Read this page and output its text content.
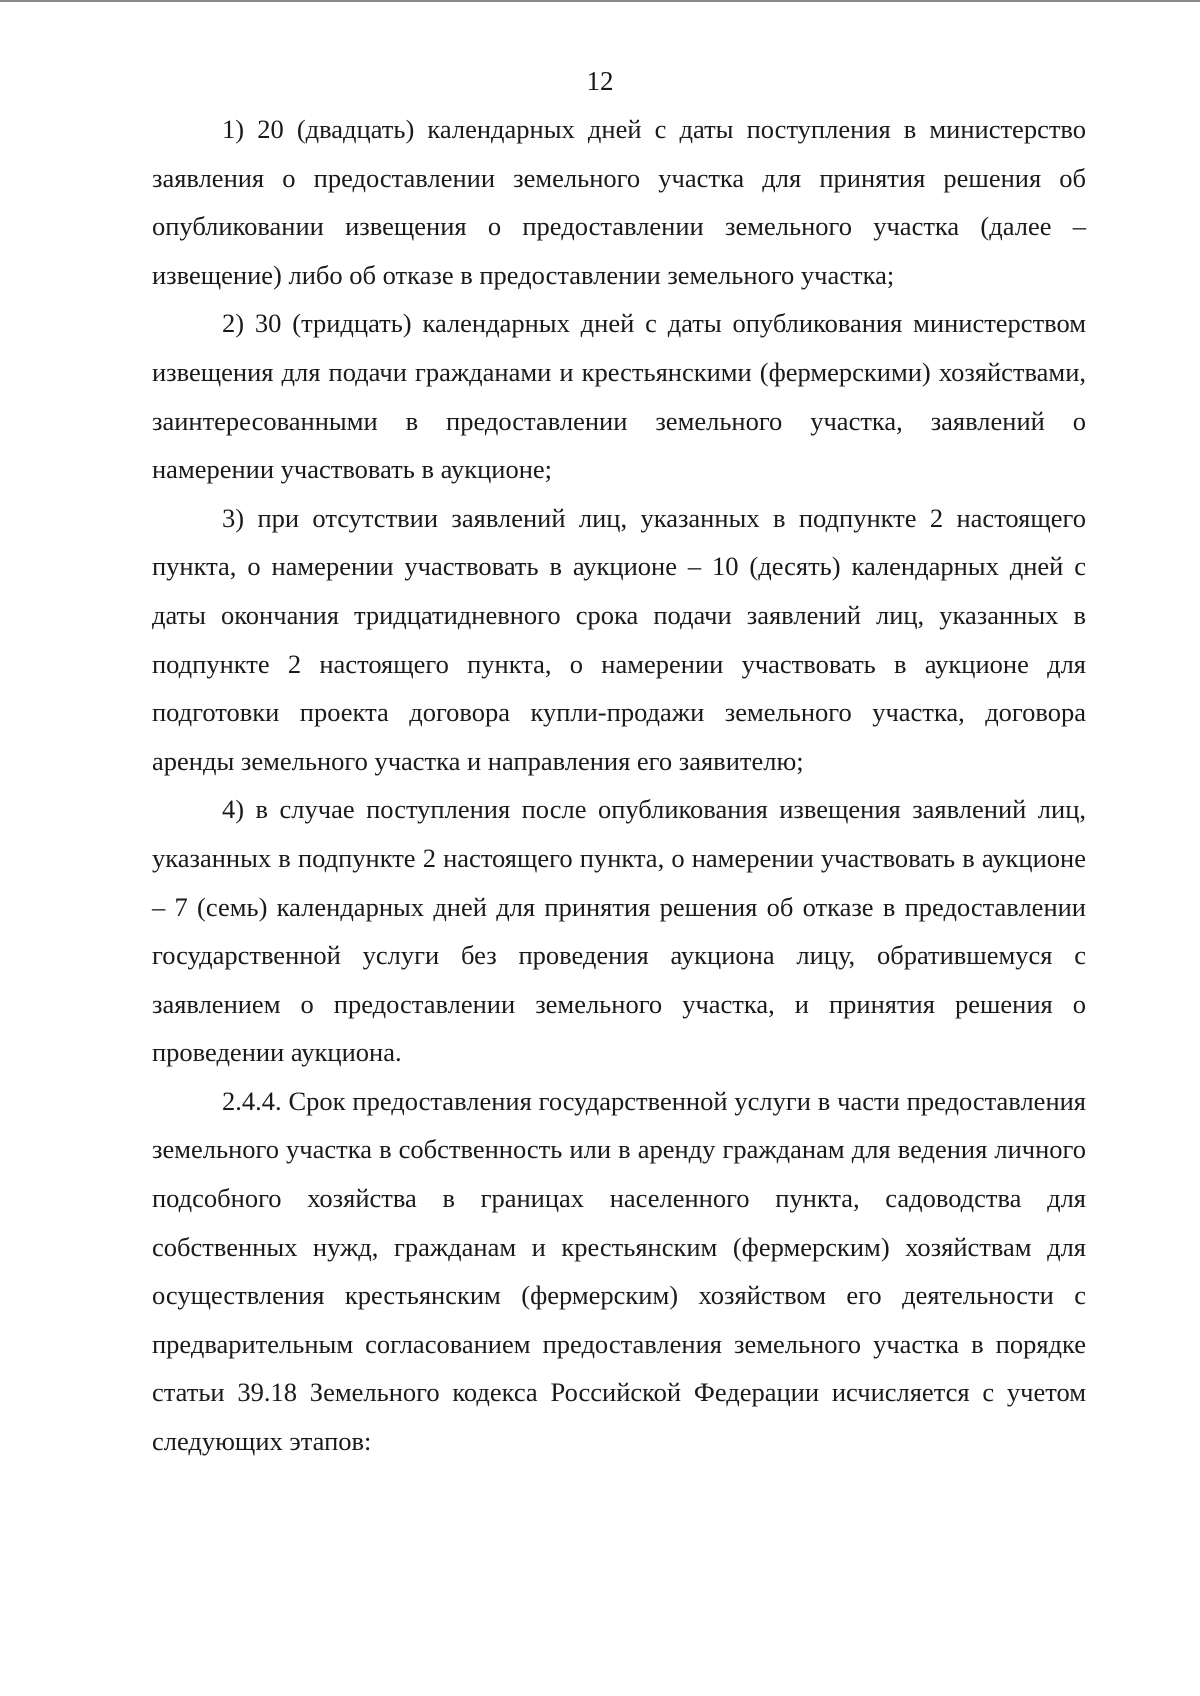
12

1) 20 (двадцать) календарных дней с даты поступления в министерство заявления о предоставлении земельного участка для принятия решения об опубликовании извещения о предоставлении земельного участка (далее – извещение) либо об отказе в предоставлении земельного участка;

2) 30 (тридцать) календарных дней с даты опубликования министерством извещения для подачи гражданами и крестьянскими (фермерскими) хозяйствами, заинтересованными в предоставлении земельного участка, заявлений о намерении участвовать в аукционе;

3) при отсутствии заявлений лиц, указанных в подпункте 2 настоящего пункта, о намерении участвовать в аукционе – 10 (десять) календарных дней с даты окончания тридцатидневного срока подачи заявлений лиц, указанных в подпункте 2 настоящего пункта, о намерении участвовать в аукционе для подготовки проекта договора купли-продажи земельного участка, договора аренды земельного участка и направления его заявителю;

4) в случае поступления после опубликования извещения заявлений лиц, указанных в подпункте 2 настоящего пункта, о намерении участвовать в аукционе – 7 (семь) календарных дней для принятия решения об отказе в предоставлении государственной услуги без проведения аукциона лицу, обратившемуся с заявлением о предоставлении земельного участка, и принятия решения о проведении аукциона.

2.4.4. Срок предоставления государственной услуги в части предоставления земельного участка в собственность или в аренду гражданам для ведения личного подсобного хозяйства в границах населенного пункта, садоводства для собственных нужд, гражданам и крестьянским (фермерским) хозяйствам для осуществления крестьянским (фермерским) хозяйством его деятельности с предварительным согласованием предоставления земельного участка в порядке статьи 39.18 Земельного кодекса Российской Федерации исчисляется с учетом следующих этапов:
